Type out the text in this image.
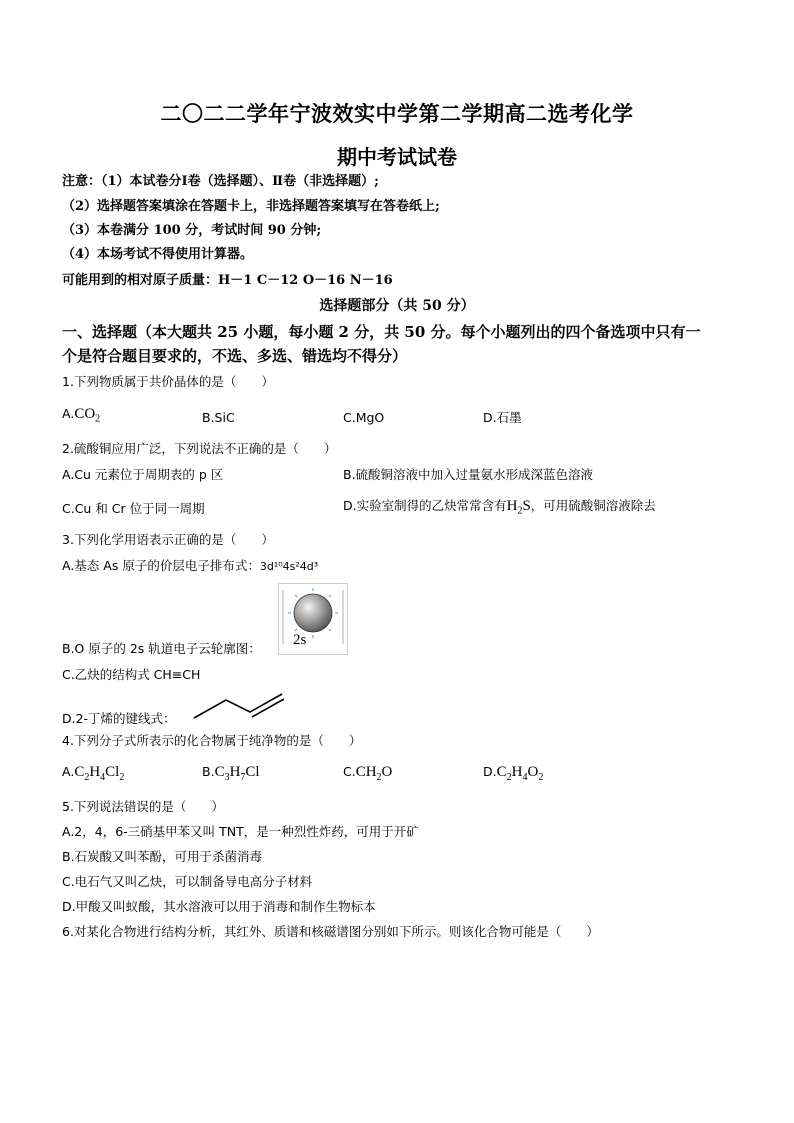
二〇二二学年宁波效实中学第二学期高二选考化学
期中考试试卷
注意：（1）本试卷分Ⅰ卷（选择题）、Ⅱ卷（非选择题）;
（2）选择题答案填涂在答题卡上，非选择题答案填写在答卷纸上;
（3）本卷满分 100 分，考试时间 90 分钟;
（4）本场考试不得使用计算器。
可能用到的相对原子质量：H－1 C－12 O－16 N－16
选择题部分（共 50 分）
一、选择题（本大题共 25 小题，每小题 2 分，共 50 分。每个小题列出的四个备选项中只有一
个是符合题目要求的，不选、多选、错选均不得分）
1.下列物质属于共价晶体的是（　　）
$A.CO_2$	B.SiC	C.MgO	D.石墨
2.硫酸铜应用广泛，下列说法不正确的是（　　）
A.Cu 元素位于周期表的 p 区	B.硫酸铜溶液中加入过量氨水形成深蓝色溶液
C.Cu 和 Cr 位于同一周期	D.实验室制得的乙炔常常含有$H_2S$，可用硫酸铜溶液除去
3.下列化学用语表示正确的是（　　）
A.基态 As 原子的价层电子排布式：3d¹⁰4s²4d³
2s
B.O 原子的 2s 轨道电子云轮廓图：
C.乙炔的结构式 CH≡CH
D.2-丁烯的键线式：
4.下列分子式所表示的化合物属于纯净物的是（　　）
$A.C_2H_4Cl_2$	$B.C_3H_7Cl$	$C.CH_2O$	$D.C_2H_4O_2$
5.下列说法错误的是（　　）
A.2，4，6-三硝基甲苯又叫 TNT，是一种烈性炸药，可用于开矿
B.石炭酸又叫苯酚，可用于杀菌消毒
C.电石气又叫乙炔，可以制备导电高分子材料
D.甲酸又叫蚁酸，其水溶液可以用于消毒和制作生物标本
6.对某化合物进行结构分析，其红外、质谱和核磁谱图分别如下所示。则该化合物可能是（　　）
